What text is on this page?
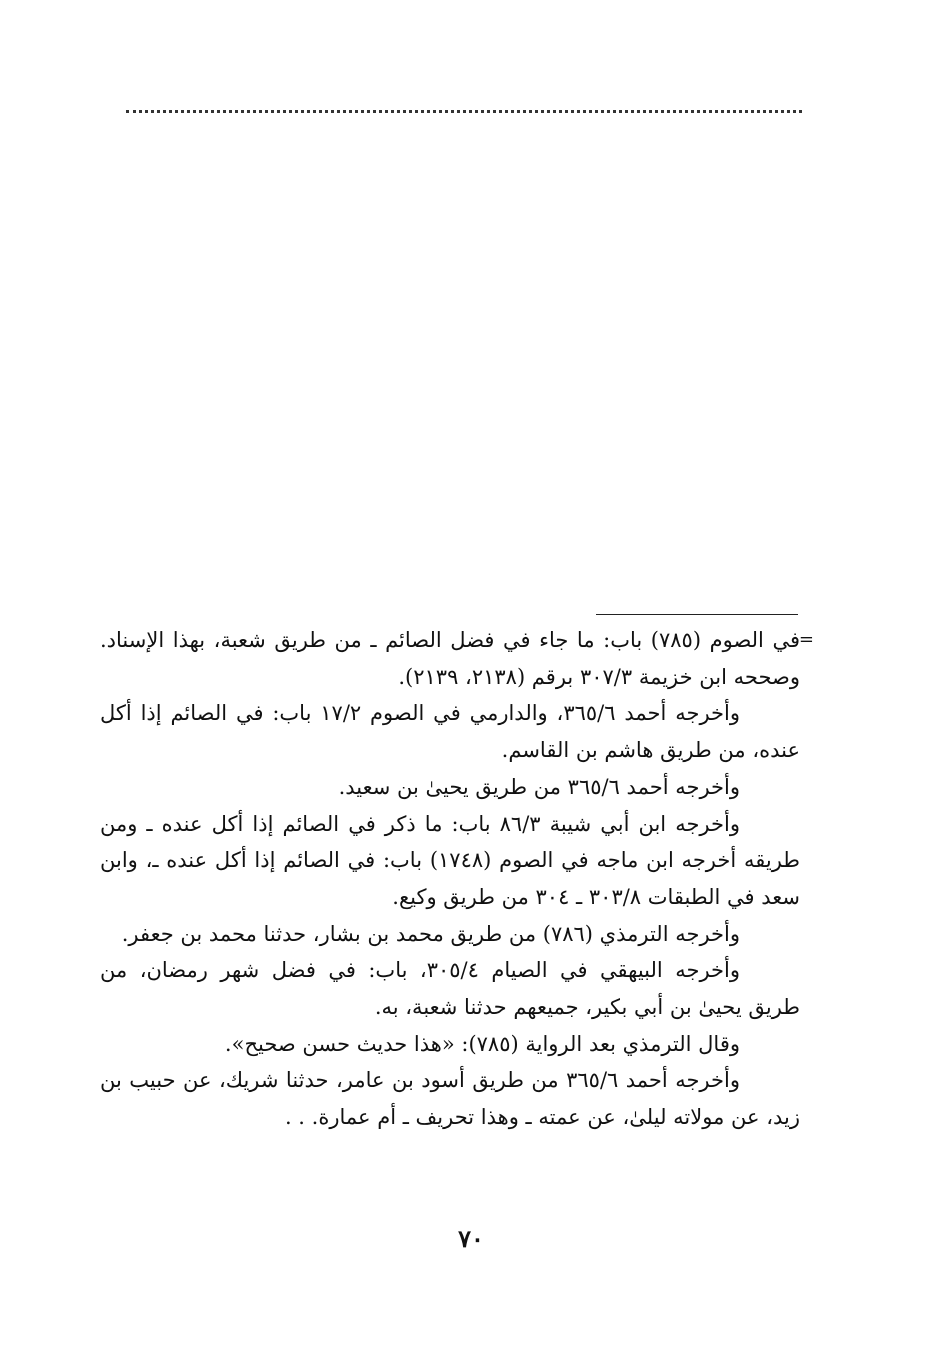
=
في الصوم (٧٨٥) باب: ما جاء في فضل الصائم ـ من طريق شعبة، بهذا الإسناد. وصححه ابن خزيمة ٣٠٧/٣ برقم (٢١٣٨، ٢١٣٩).

وأخرجه أحمد ٣٦٥/٦، والدارمي في الصوم ١٧/٢ باب: في الصائم إذا أكل عنده، من طريق هاشم بن القاسم.

وأخرجه أحمد ٣٦٥/٦ من طريق يحيىٰ بن سعيد.

وأخرجه ابن أبي شيبة ٨٦/٣ باب: ما ذكر في الصائم إذا أكل عنده ـ ومن طريقه أخرجه ابن ماجه في الصوم (١٧٤٨) باب: في الصائم إذا أكل عنده ـ، وابن سعد في الطبقات ٣٠٣/٨ ـ ٣٠٤ من طريق وكيع.

وأخرجه الترمذي (٧٨٦) من طريق محمد بن بشار، حدثنا محمد بن جعفر.

وأخرجه البيهقي في الصيام ٣٠٥/٤، باب: في فضل شهر رمضان، من طريق يحيىٰ بن أبي بكير، جميعهم حدثنا شعبة، به.

وقال الترمذي بعد الرواية (٧٨٥): «هذا حديث حسن صحيح».

وأخرجه أحمد ٣٦٥/٦ من طريق أسود بن عامر، حدثنا شريك، عن حبيب بن زيد، عن مولاته ليلىٰ، عن عمته ـ وهذا تحريف ـ أم عمارة. . .

٧٠
